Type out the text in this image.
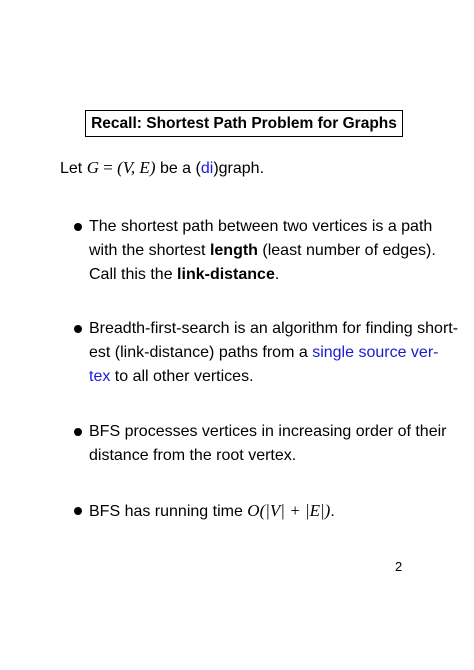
Recall: Shortest Path Problem for Graphs
Let G = (V, E) be a (di)graph.
The shortest path between two vertices is a path
with the shortest length (least number of edges).
Call this the link-distance.
Breadth-first-search is an algorithm for finding short-
est (link-distance) paths from a single source ver-
tex to all other vertices.
BFS processes vertices in increasing order of their
distance from the root vertex.
BFS has running time O(|V| + |E|).
2
